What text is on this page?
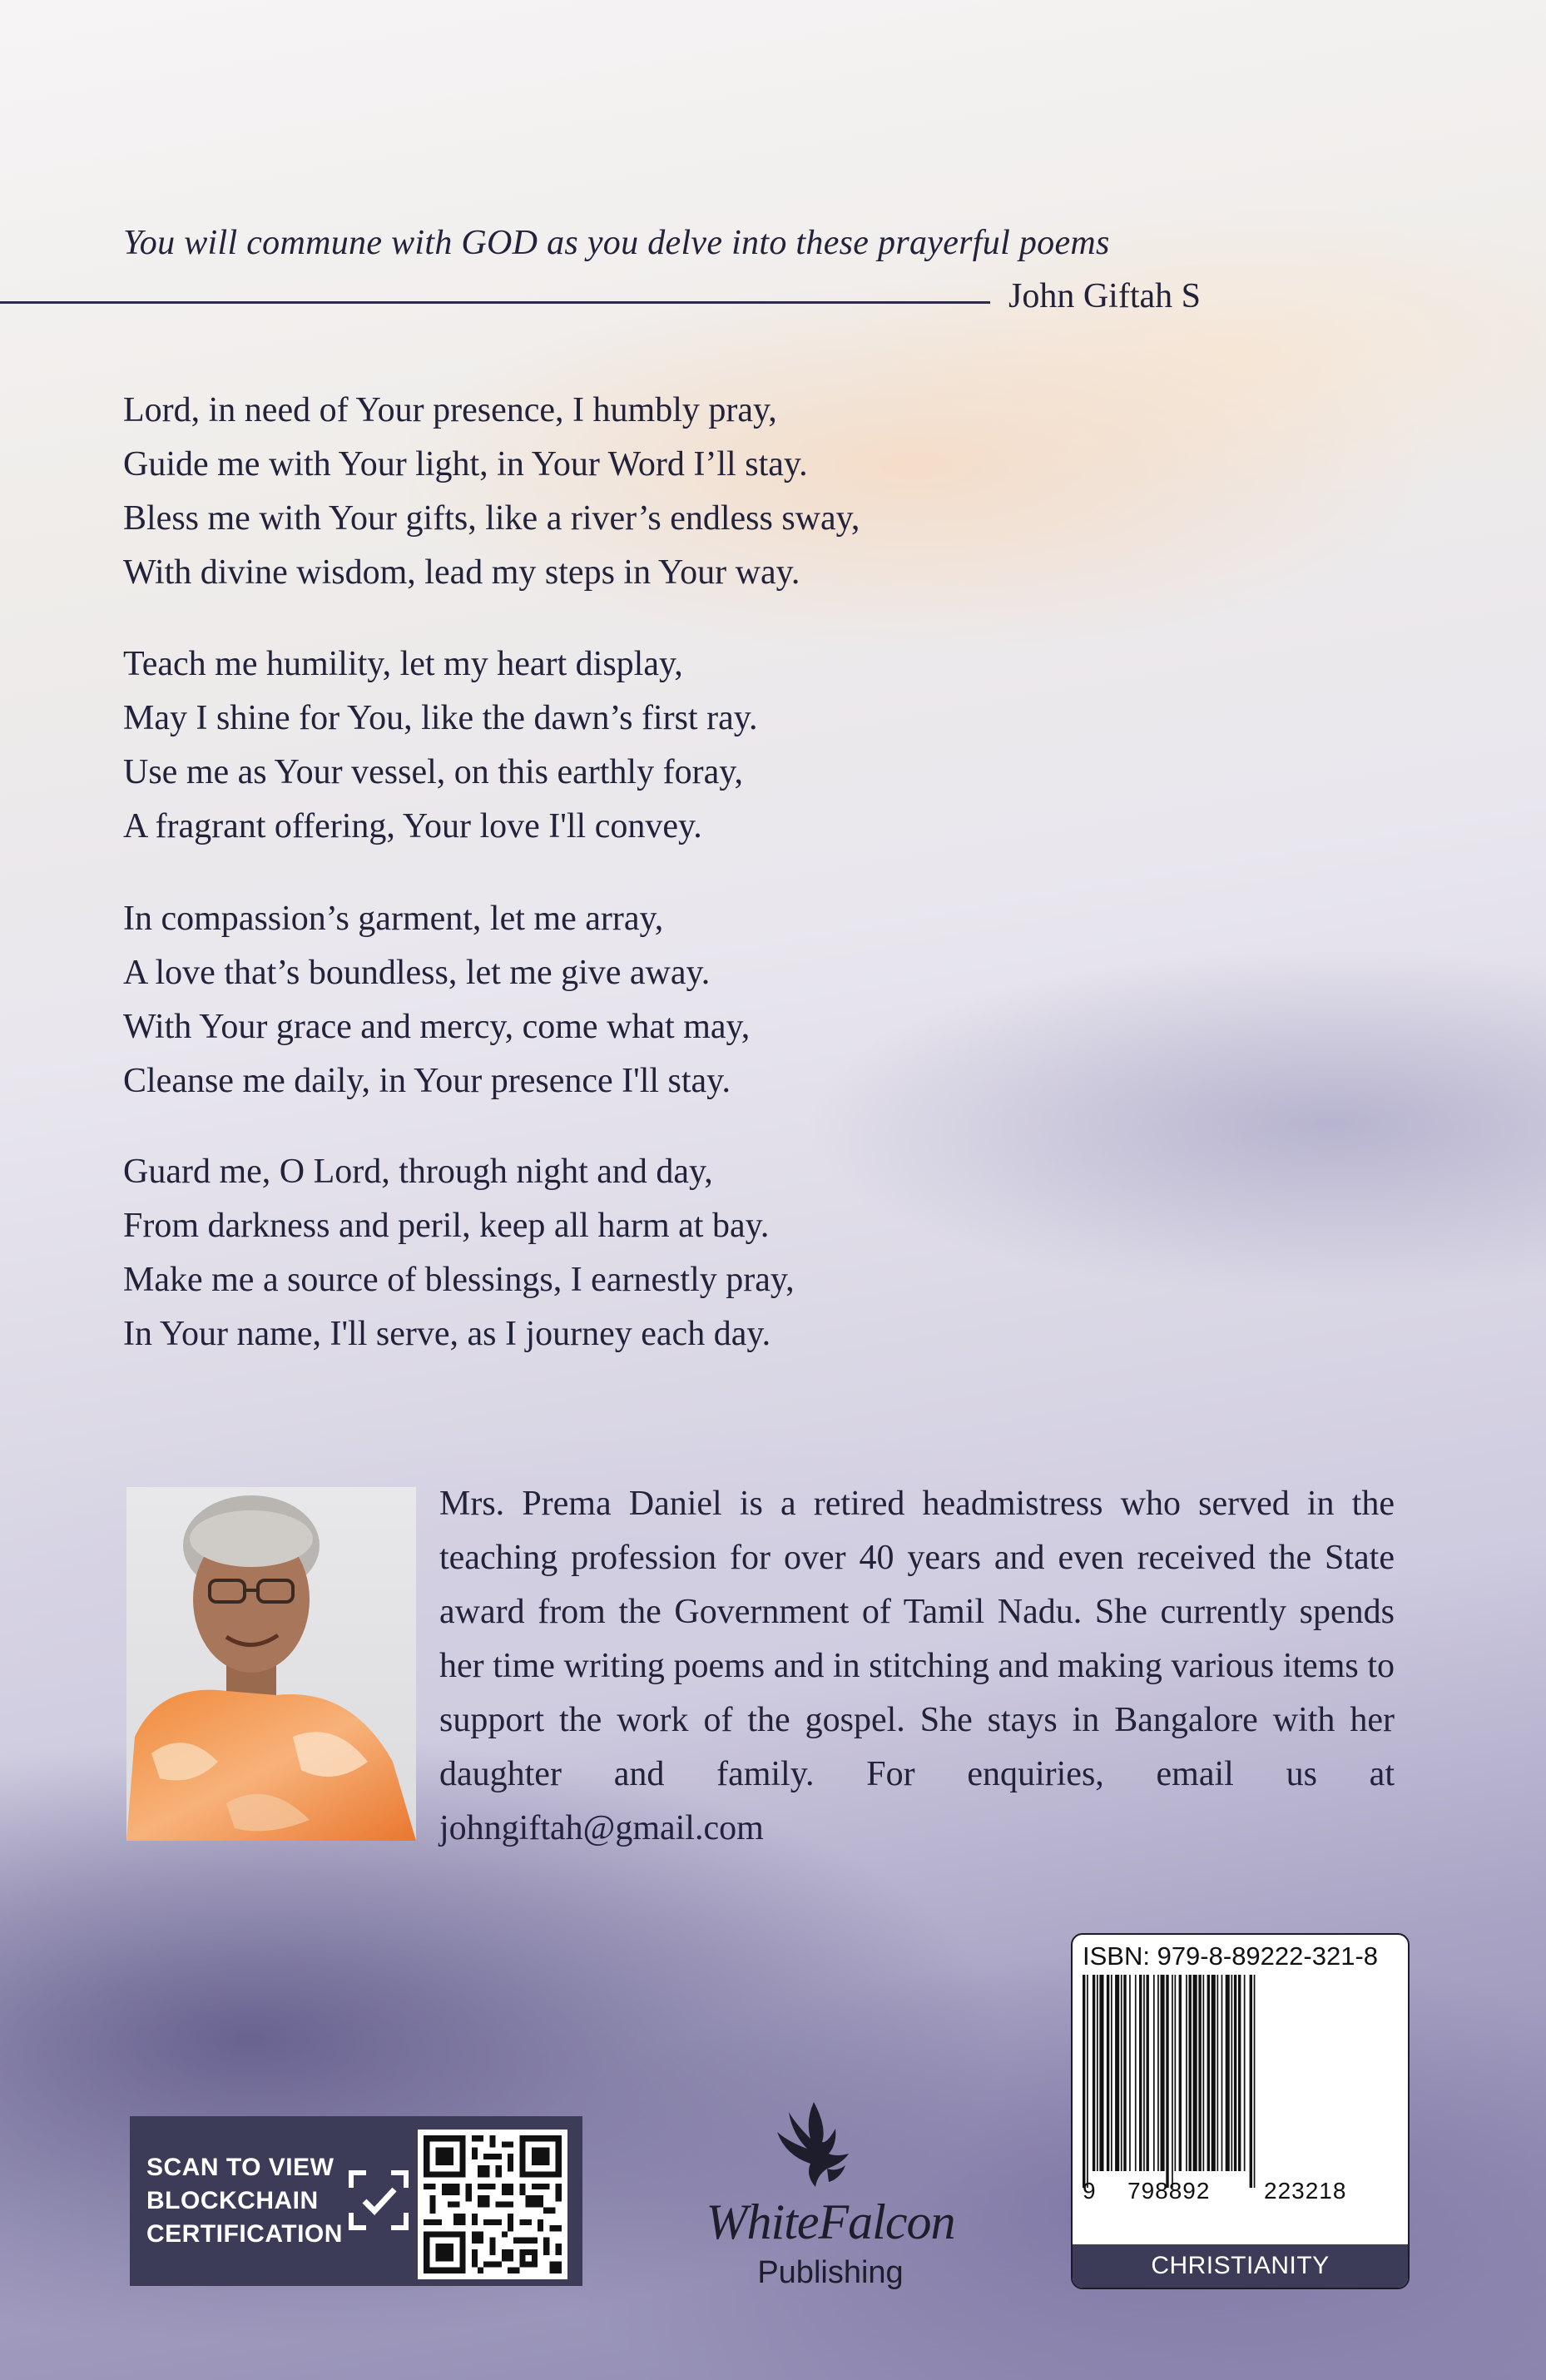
You will commune with GOD as you delve into these prayerful poems
John Giftah S
Lord, in need of Your presence, I humbly pray,
Guide me with Your light, in Your Word I’ll stay.
Bless me with Your gifts, like a river’s endless sway,
With divine wisdom, lead my steps in Your way.
Teach me humility, let my heart display,
May I shine for You, like the dawn’s first ray.
Use me as Your vessel, on this earthly foray,
A fragrant offering, Your love I'll convey.
In compassion’s garment, let me array,
A love that’s boundless, let me give away.
With Your grace and mercy, come what may,
Cleanse me daily, in Your presence I'll stay.
Guard me, O Lord, through night and day,
From darkness and peril, keep all harm at bay.
Make me a source of blessings, I earnestly pray,
In Your name, I'll serve, as I journey each day.
Mrs. Prema Daniel is a retired headmistress who served in the teaching profession for over 40 years and even received the State award from the Government of Tamil Nadu. She currently spends her time writing poems and in stitching and making various items to support the work of the gospel. She stays in Bangalore with her daughter and family. For enquiries, email us at johngiftah@gmail.com
SCAN TO VIEW
BLOCKCHAIN
CERTIFICATION	WhiteFalcon
Publishing
ISBN: 979-8-89222-321-8
9 798892 223218
CHRISTIANITY
